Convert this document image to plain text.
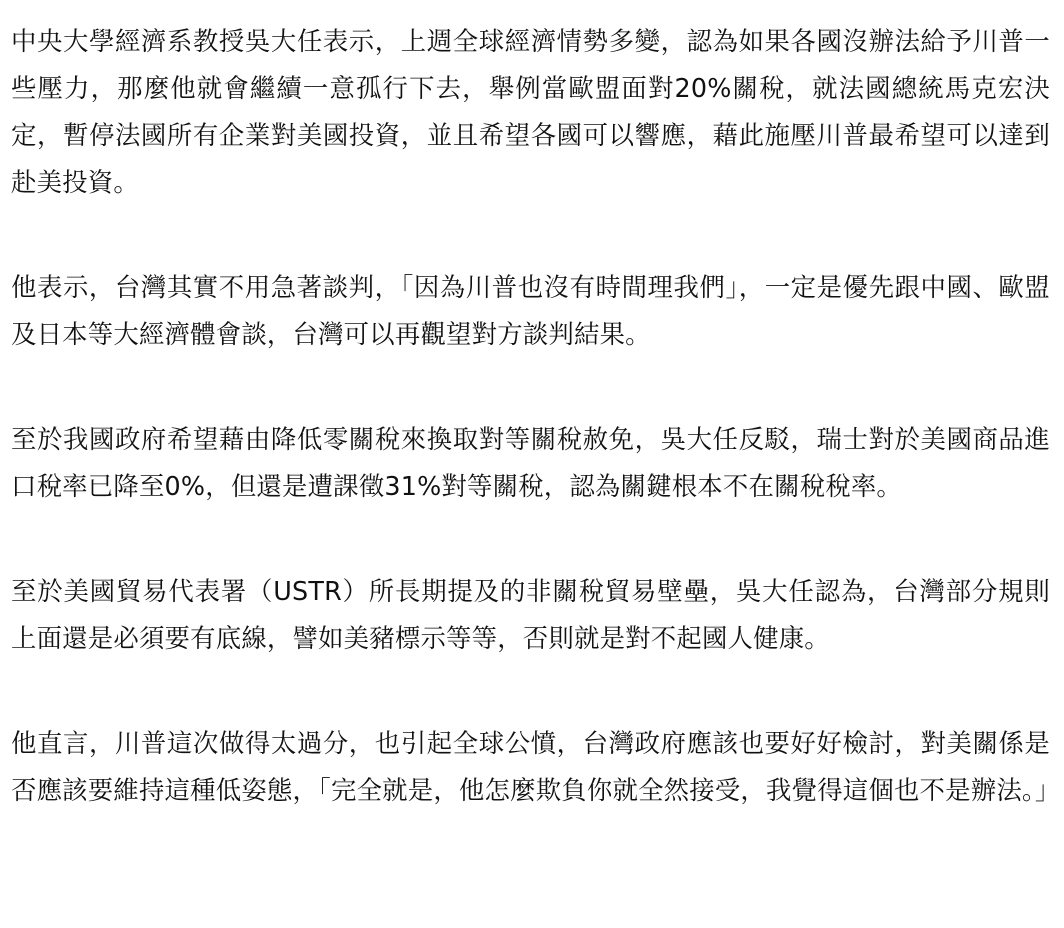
中央大學經濟系教授吳大任表示，上週全球經濟情勢多變，認為如果各國沒辦法給予川普一些壓力，那麼他就會繼續一意孤行下去，舉例當歐盟面對20%關稅，就法國總統馬克宏決定，暫停法國所有企業對美國投資，並且希望各國可以響應，藉此施壓川普最希望可以達到赴美投資。

他表示，台灣其實不用急著談判，「因為川普也沒有時間理我們」，一定是優先跟中國、歐盟及日本等大經濟體會談，台灣可以再觀望對方談判結果。

至於我國政府希望藉由降低零關稅來換取對等關稅赦免，吳大任反駁，瑞士對於美國商品進口稅率已降至0%，但還是遭課徵31%對等關稅，認為關鍵根本不在關稅稅率。

至於美國貿易代表署（USTR）所長期提及的非關稅貿易壁壘，吳大任認為，台灣部分規則上面還是必須要有底線，譬如美豬標示等等，否則就是對不起國人健康。

他直言，川普這次做得太過分，也引起全球公憤，台灣政府應該也要好好檢討，對美關係是否應該要維持這種低姿態，「完全就是，他怎麼欺負你就全然接受，我覺得這個也不是辦法。」
